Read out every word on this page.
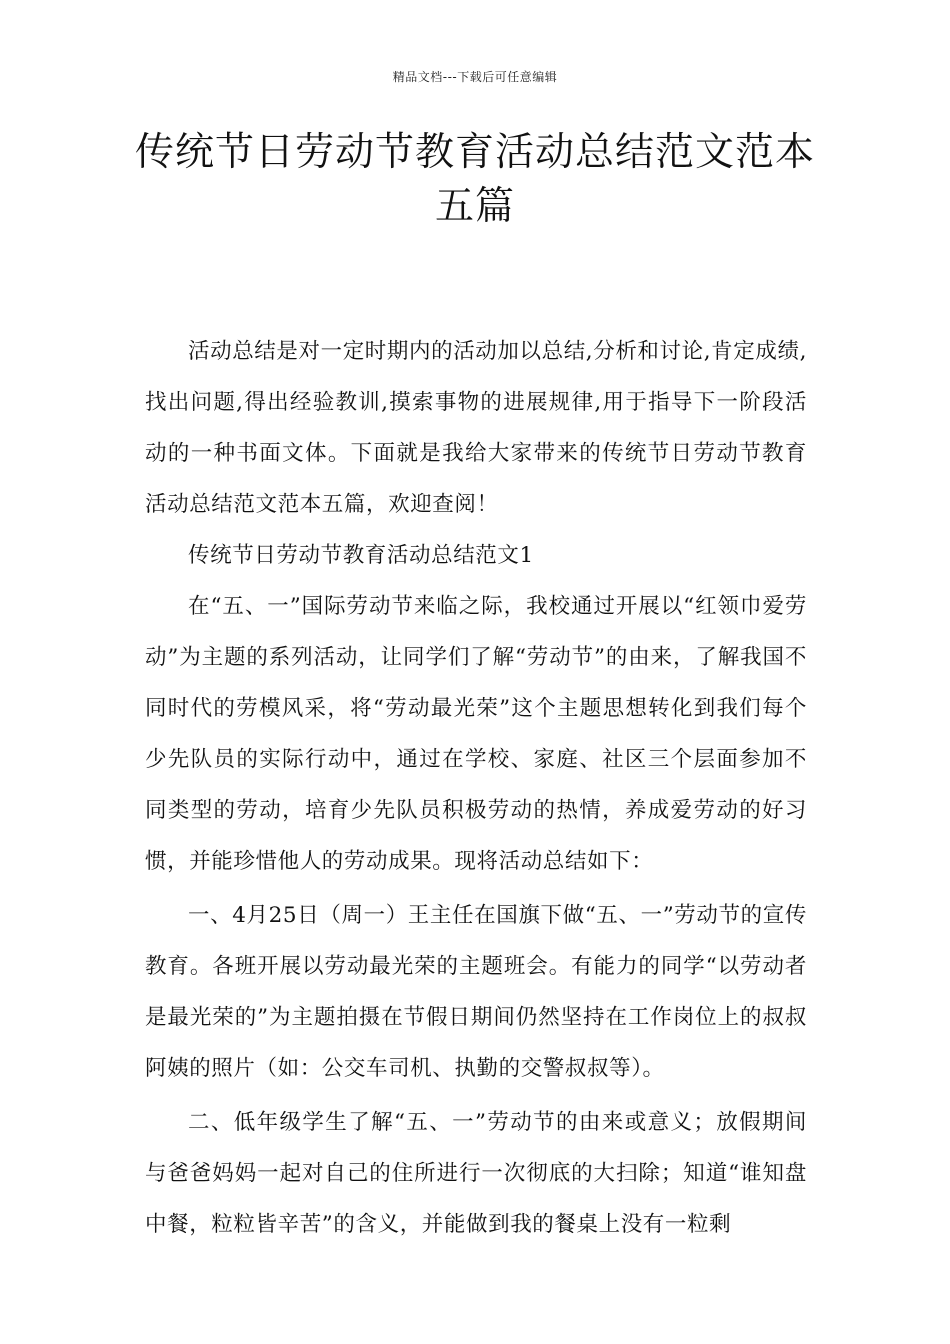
精品文档---下载后可任意编辑
传统节日劳动节教育活动总结范文范本五篇

活动总结是对一定时期内的活动加以总结,分析和讨论,肯定成绩,找出问题,得出经验教训,摸索事物的进展规律,用于指导下一阶段活动的一种书面文体。下面就是我给大家带来的传统节日劳动节教育活动总结范文范本五篇，欢迎查阅！

传统节日劳动节教育活动总结范文1

在“五、一”国际劳动节来临之际，我校通过开展以“红领巾爱劳动”为主题的系列活动，让同学们了解“劳动节”的由来，了解我国不同时代的劳模风采，将“劳动最光荣”这个主题思想转化到我们每个少先队员的实际行动中，通过在学校、家庭、社区三个层面参加不同类型的劳动，培育少先队员积极劳动的热情，养成爱劳动的好习惯，并能珍惜他人的劳动成果。现将活动总结如下：

一、4月25日（周一）王主任在国旗下做“五、一”劳动节的宣传教育。各班开展以劳动最光荣的主题班会。有能力的同学“以劳动者是最光荣的”为主题拍摄在节假日期间仍然坚持在工作岗位上的叔叔阿姨的照片（如：公交车司机、执勤的交警叔叔等）。

二、低年级学生了解“五、一”劳动节的由来或意义；放假期间与爸爸妈妈一起对自己的住所进行一次彻底的大扫除；知道“谁知盘中餐，粒粒皆辛苦”的含义，并能做到我的餐桌上没有一粒剩
